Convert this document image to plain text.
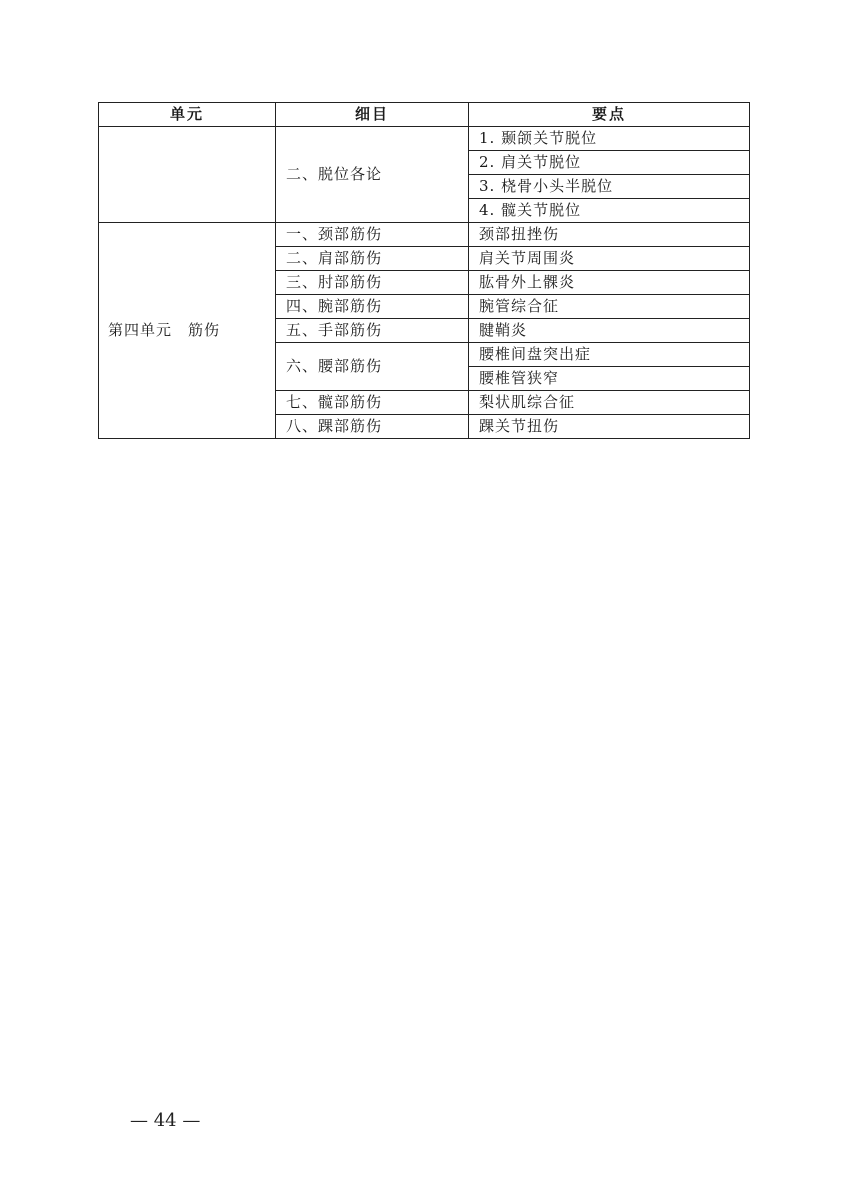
单元	细目	要点
	二、脱位各论	1. 颞颌关节脱位
		2. 肩关节脱位
		3. 桡骨小头半脱位
		4. 髋关节脱位
第四单元　筋伤	一、颈部筋伤	颈部扭挫伤
	二、肩部筋伤	肩关节周围炎
	三、肘部筋伤	肱骨外上髁炎
	四、腕部筋伤	腕管综合征
	五、手部筋伤	腱鞘炎
	六、腰部筋伤	腰椎间盘突出症
		腰椎管狭窄
	七、髋部筋伤	梨状肌综合征
	八、踝部筋伤	踝关节扭伤
— 44 —
